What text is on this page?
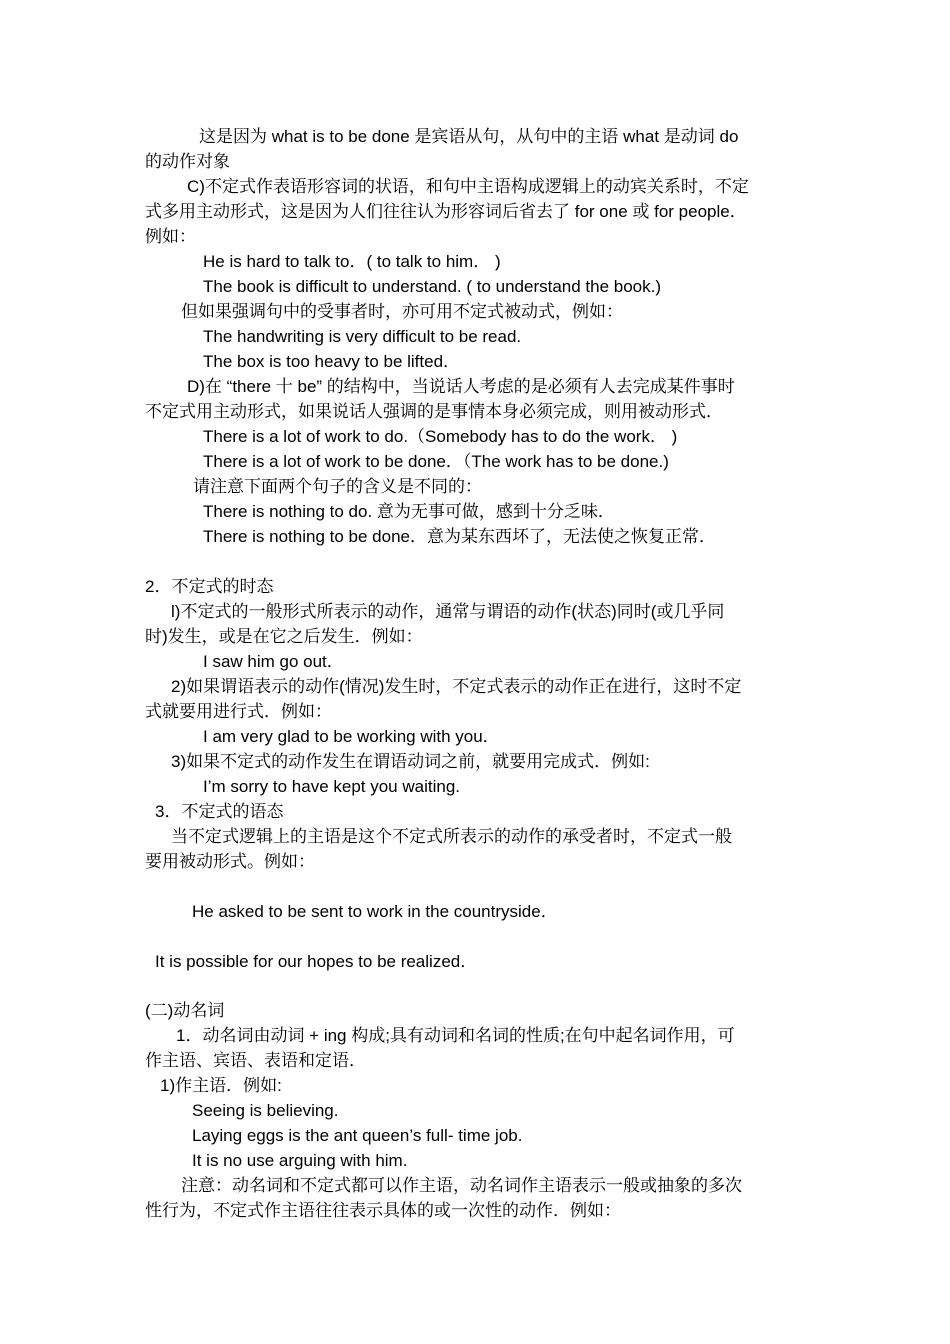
这是因为 what is to be done 是宾语从句，从句中的主语 what 是动词 do
的动作对象
C)不定式作表语形容词的状语，和句中主语构成逻辑上的动宾关系时，不定
式多用主动形式，这是因为人们往往认为形容词后省去了 for one 或 for people．
例如：
He is hard to talk to．( to talk to him． )
The book is difficult to understand. ( to understand the book.)
但如果强调句中的受事者时，亦可用不定式被动式，例如：
The handwriting is very difficult to be read.
The box is too heavy to be lifted．
D)在 “there 十 be” 的结构中，当说话人考虑的是必须有人去完成某件事时
不定式用主动形式，如果说话人强调的是事情本身必须完成，则用被动形式．
There is a lot of work to do.（Somebody has to do the work． )
There is a lot of work to be done．（The work has to be done.)
请注意下面两个句子的含义是不同的：
There is nothing to do. 意为无事可做，感到十分乏味．
There is nothing to be done．意为某东西坏了，无法使之恢复正常．
2．不定式的时态
l)不定式的一般形式所表示的动作，通常与谓语的动作(状态)同时(或几乎同
时)发生，或是在它之后发生．例如：
I saw him go out．
2)如果谓语表示的动作(情况)发生时，不定式表示的动作正在进行，这时不定
式就要用进行式．例如：
I am very glad to be working with you．
3)如果不定式的动作发生在谓语动词之前，就要用完成式．例如:
I’m sorry to have kept you waiting.
3．不定式的语态
当不定式逻辑上的主语是这个不定式所表示的动作的承受者时，不定式一般
要用被动形式。例如：
He asked to be sent to work in the countryside．
It is possible for our hopes to be realized．
(二)动名词
1．动名词由动词 + ing 构成;具有动词和名词的性质;在句中起名词作用，可
作主语、宾语、表语和定语．
1)作主语．例如:
Seeing is believing.
Laying eggs is the ant queen’s full- time job.
It is no use arguing with him.
注意：动名词和不定式都可以作主语，动名词作主语表示一般或抽象的多次
性行为，不定式作主语往往表示具体的或一次性的动作．例如：
